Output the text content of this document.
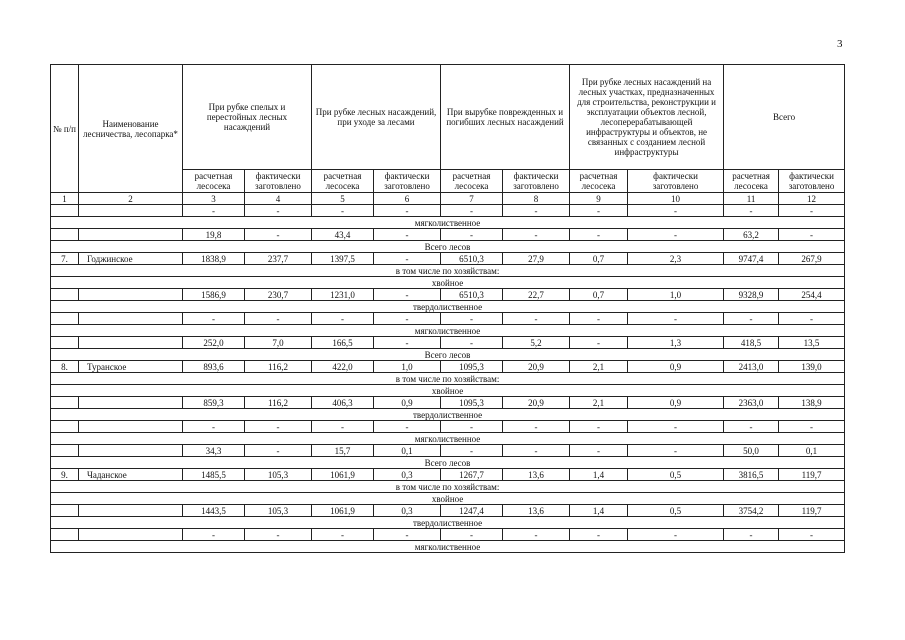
3
№ п/п	Наименование лесничества, лесопарка*	При рубке спелых и перестойных лесных насаждений		При рубке лесных насаждений, при уходе за лесами		При вырубке поврежденных и погибших лесных насаждений		При рубке лесных насаждений на лесных участках, предназначенных для строительства, реконструкции и эксплуатации объектов лесной, лесоперерабатывающей инфраструктуры и объектов, не связанных с созданием лесной инфраструктуры		Всего	
		расчетная лесосека	фактически заготовлено	расчетная лесосека	фактически заготовлено	расчетная лесосека	фактически заготовлено	расчетная лесосека	фактически заготовлено	расчетная лесосека	фактически заготовлено
1	2	3	4	5	6	7	8	9	10	11	12
		-	-	-	-	-	-	-	-	-	-
мягколиственное											
		19,8	-	43,4	-	-	-	-	-	63,2	-
Всего лесов											
7.	Годжинское	1838,9	237,7	1397,5	-	6510,3	27,9	0,7	2,3	9747,4	267,9
в том числе по хозяйствам:											
хвойное											
		1586,9	230,7	1231,0	-	6510,3	22,7	0,7	1,0	9328,9	254,4
твердолиственное											
		-	-	-	-	-	-	-	-	-	-
мягколиственное											
		252,0	7,0	166,5	-	-	5,2	-	1,3	418,5	13,5
Всего лесов											
8.	Туранское	893,6	116,2	422,0	1,0	1095,3	20,9	2,1	0,9	2413,0	139,0
в том числе по хозяйствам:											
хвойное											
		859,3	116,2	406,3	0,9	1095,3	20,9	2,1	0,9	2363,0	138,9
твердолиственное											
		-	-	-	-	-	-	-	-	-	-
мягколиственное											
		34,3	-	15,7	0,1	-	-	-	-	50,0	0,1
Всего лесов											
9.	Чаданское	1485,5	105,3	1061,9	0,3	1267,7	13,6	1,4	0,5	3816,5	119,7
в том числе по хозяйствам:											
хвойное											
		1443,5	105,3	1061,9	0,3	1247,4	13,6	1,4	0,5	3754,2	119,7
твердолиственное											
		-	-	-	-	-	-	-	-	-	-
мягколиственное											
